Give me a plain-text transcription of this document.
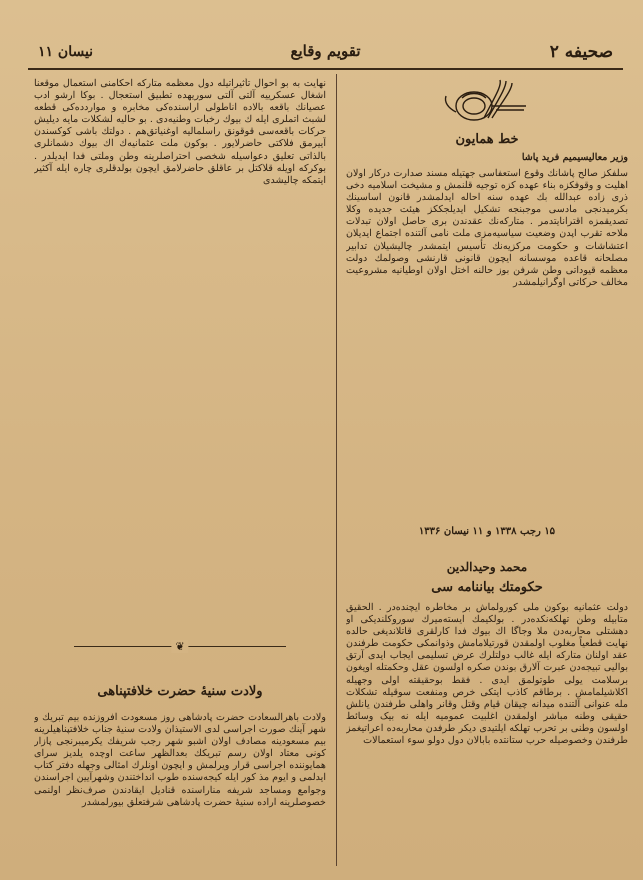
۱۱ نیسان	تقویم وقایع	صحیفه ۲
نهایت به بو احوال تأثیراتیله دول معظمه متارکه احکامنی استعمال موقعنا اشغال عسکرییه آلتی آلتی سوریهده تطبیق استعجال . بوکا ارشو ادب عصیانك باقعه بالاده اناطولی اراسنده‌کی مخابره و مواردده‌کی قطعه لشبث اتملری ایله ك بیوك رخبات وطنیه‌دی . بو حالیه لشکلات مایه‌ دیلیش حرکات باقعه‌سی قوقونق راسلمالیه اوغنیاتق‌هم . دولتك باشی کوکسندن آییرمق فلاکتی حاضرلایور . بوکون ملت عثمانیه‌ك اك بیوك دشمانلری بالذاتی تعلیق دعواسیله شخصی احتراصلرینه وطن وملتی فدا ایدیلدر . بوکرکه اویله قلاکتل بر عاقلق حاضرلامق ایچون بولدقلری چاره ایله آکثیر ایتمکه چالیشدی
❦
ولادت سنیهٔ حضرت خلافتپناهی
ولادت باهرالسعادت حضرت پادشاهی روز مسعودت افروزنده بیم تبریك و شهر آینك صورت اجراسی لدی الاستیذان ولادت سنیهٔ جناب خلافتپناهیلرینه بیم مسعودینه مصادف اولان اشبو شهر رجب شریفك یکرمیبرنجی پازار کونی معتاد اولان رسم تبریكك بعدالظهر ساعت اوچده یلدیز سرای همایوننده اجراسی قرار ویرلمش و ایچون اونلرك امثالی وجهله دفتر کتاب ایدلمی و ایوم مذ کور ایله کیجه‌سنده طوب انداختندن وشهرآیین اجراسندن وجوامع ومساجد شریفه منار‌اسنده قنادیل ایقادندن صرف‌نظر اولنمی خصوصلرینه اراده سنیهٔ حضرت پادشاهی شرفتعلق بیورلمشدر
خط همایون
وزیر معالیسیمیم فرید پاشا
سلفکز صالح پاشانك وقوع استعفاسی جهتیله مسند صدارت درکار اولان اهلیت و وقوفکزه بناء عهده کزه توجیه قلنمش و مشیخت اسلامیه دخی ذری زاده عبدالله بك عهده سنه احاله ایدلمشدر قانون اساسینك بکرمیدنجی مادسی موجبنجه تشکیل ایدیلجککز هیئت جدیده وکلا تصدیقمزه اقترانایتدمر . متارکه‌نك عقدندن بری حاصل اولان تبدلات ملاحه تقرب اپدن وضعیت سیاسیه‌مزی ملت نامی آلتنده اجتماع ایدیلان اعتشاشات و حکومت مرکزیه‌نك تأسیس ایتمشدر چالیشیلان تدابیر مصلحانه قاعده موسسانه ایچون قانونی قارنشی وصولمك دولت معظمه قیوداتی وطن شرفن بوز حالنه اختل اولان اوطیانیه مشروعیت مخالف حرکاتی اوگرانیلمشدر
۱۵ رجب ۱۳۳۸ و ۱۱ نیسان ۱۳۳۶
محمد وحیدالدین
حکومتك بیاننامه سی
دولت عثمانیه بوکون ملی کورولماش بر مخاطره ایچنده‌در . الحقیق متابیله وطن تهلکه‌نکده‌در . بولکیمك ایسته‌میرك سوروکلندیکی او دهشتلی محاربه‌دن ملا وجاگا اك بیوك فدا کارلقری قاتلاندیغی حالده نهایت قطعیاً مغلوب اولمقدن قورتیلامامش وذوانمکی حکومت طرفندن عقد اولنان متارکه ایله غالب دولتلرك عرض تسلیمی ایجاب ایدی آرتق بوالیی تبیجه‌دن عبرت آلارق بوندن صکره اولسون عقل وحکمتله اویغون برسلامت یولی طوتولمق ایدی . فقط بوحقیقته اولی وجهیله اکلاشیلمامش . برطاقم کاذب ایتکی خرص ومنفعت سوقیله تشکلات مله عنوانی آلتنده میدانه چیقان قیام وقتل وقانر واهلی طرفندن یانلش حقیقی وطنه مباشر اولمقدن اغلبیت عمومیه ایله نه بیک وسائط اولسون وطنی بر تحرب تهلکه ایلتیدی دیکر طرفدن محاربه‌ده اعراتیغمز طرفندن وخصوصیله حرب ستانتده بابالان دول دولو سوء استعمالات
